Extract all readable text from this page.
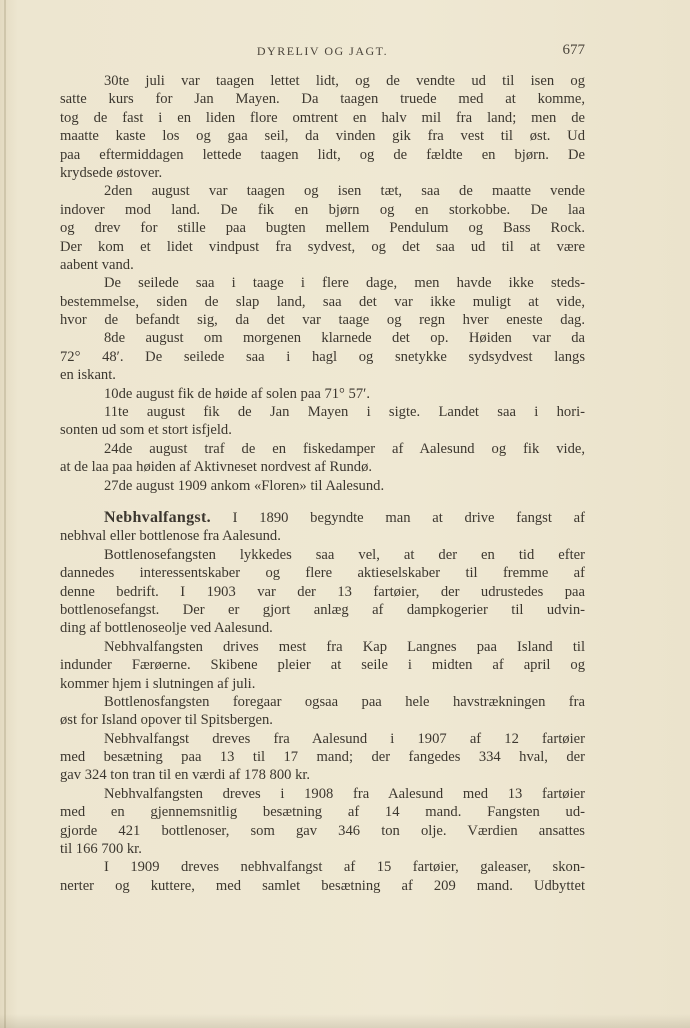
DYRELIV OG JAGT.	677
30te juli var taagen lettet lidt, og de vendte ud til isen og
satte kurs for Jan Mayen. Da taagen truede med at komme,
tog de fast i en liden flore omtrent en halv mil fra land; men de
maatte kaste los og gaa seil, da vinden gik fra vest til øst. Ud
paa eftermiddagen lettede taagen lidt, og de fældte en bjørn. De
krydsede østover.
2den august var taagen og isen tæt, saa de maatte vende
indover mod land. De fik en bjørn og en storkobbe. De laa
og drev for stille paa bugten mellem Pendulum og Bass Rock.
Der kom et lidet vindpust fra sydvest, og det saa ud til at være
aabent vand.
De seilede saa i taage i flere dage, men havde ikke steds-
bestemmelse, siden de slap land, saa det var ikke muligt at vide,
hvor de befandt sig, da det var taage og regn hver eneste dag.
8de august om morgenen klarnede det op. Høiden var da
72° 48′. De seilede saa i hagl og snetykke sydsydvest langs
en iskant.
10de august fik de høide af solen paa 71° 57′.
11te august fik de Jan Mayen i sigte. Landet saa i hori-
sonten ud som et stort isfjeld.
24de august traf de en fiskedamper af Aalesund og fik vide,
at de laa paa høiden af Aktivneset nordvest af Rundø.
27de august 1909 ankom «Floren» til Aalesund.
Nebhvalfangst. I 1890 begyndte man at drive fangst af
nebhval eller bottlenose fra Aalesund.
Bottlenosefangsten lykkedes saa vel, at der en tid efter
dannedes interessentskaber og flere aktieselskaber til fremme af
denne bedrift. I 1903 var der 13 fartøier, der udrustedes paa
bottlenosefangst. Der er gjort anlæg af dampkogerier til udvin-
ding af bottlenoseolje ved Aalesund.
Nebhvalfangsten drives mest fra Kap Langnes paa Island til
indunder Færøerne. Skibene pleier at seile i midten af april og
kommer hjem i slutningen af juli.
Bottlenosfangsten foregaar ogsaa paa hele havstrækningen fra
øst for Island opover til Spitsbergen.
Nebhvalfangst dreves fra Aalesund i 1907 af 12 fartøier
med besætning paa 13 til 17 mand; der fangedes 334 hval, der
gav 324 ton tran til en værdi af 178 800 kr.
Nebhvalfangsten dreves i 1908 fra Aalesund med 13 fartøier
med en gjennemsnitlig besætning af 14 mand. Fangsten ud-
gjorde 421 bottlenoser, som gav 346 ton olje. Værdien ansattes
til 166 700 kr.
I 1909 dreves nebhvalfangst af 15 fartøier, galeaser, skon-
nerter og kuttere, med samlet besætning af 209 mand. Udbyttet
